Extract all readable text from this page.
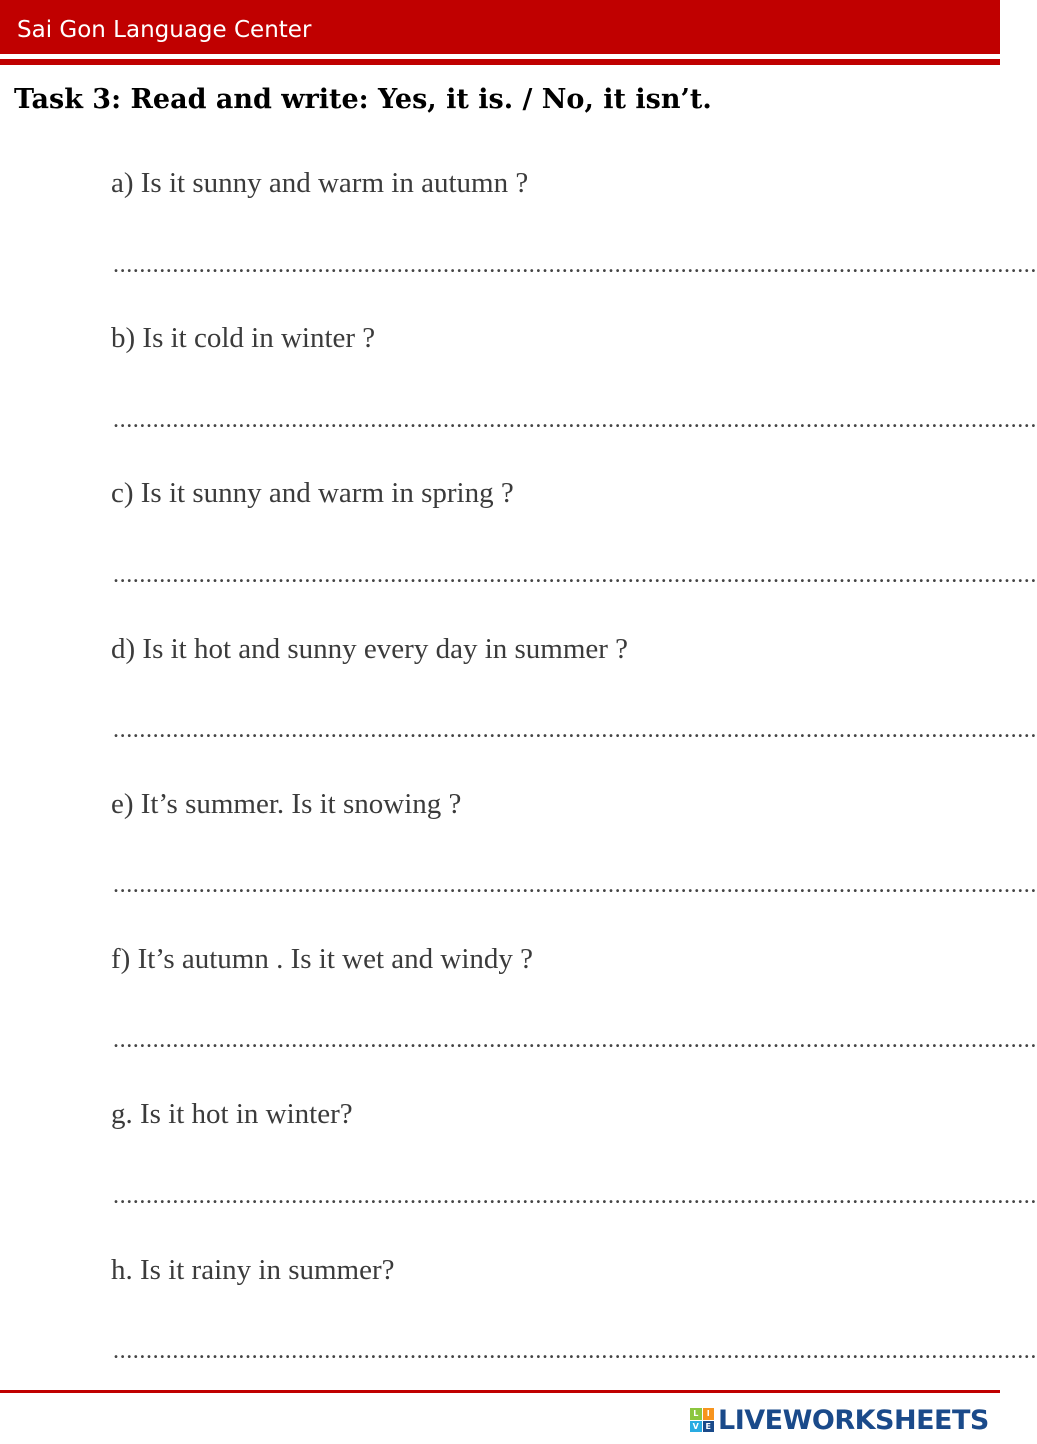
Sai Gon Language Center
Task 3: Read and write: Yes, it is. / No, it isn’t.
a) Is it sunny and warm in autumn ?
............................................................................................................................................
b) Is it cold in winter ?
............................................................................................................................................
c) Is it sunny and warm in spring ?
............................................................................................................................................
d) Is it hot and sunny every day in summer ?
............................................................................................................................................
e) It’s summer. Is it snowing ?
............................................................................................................................................
f) It’s autumn . Is it wet and windy ?
............................................................................................................................................
g. Is it hot in winter?
............................................................................................................................................
h. Is it rainy in summer?
............................................................................................................................................
L	I
V E LIVEWORKSHEETS
